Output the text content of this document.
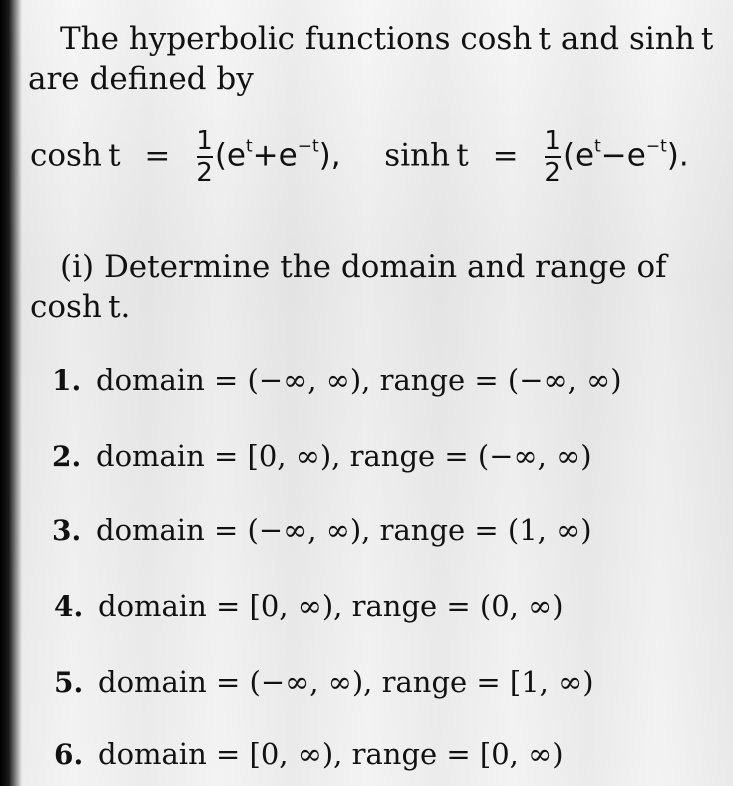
The hyperbolic functions cosh t and sinh t
are defined by
$\cosh t = \frac{1}{2} (e^t+e^{-t})$, $\sinh t = \frac{1}{2} (e^t-e^{-t})$.
(i) Determine the domain and range of
cosh t.
1. domain = (−∞, ∞), range = (−∞, ∞)
2. domain = [0, ∞), range = (−∞, ∞)
3. domain = (−∞, ∞), range = (1, ∞)
4. domain = [0, ∞), range = (0, ∞)
5. domain = (−∞, ∞), range = [1, ∞)
6. domain = [0, ∞), range = [0, ∞)
